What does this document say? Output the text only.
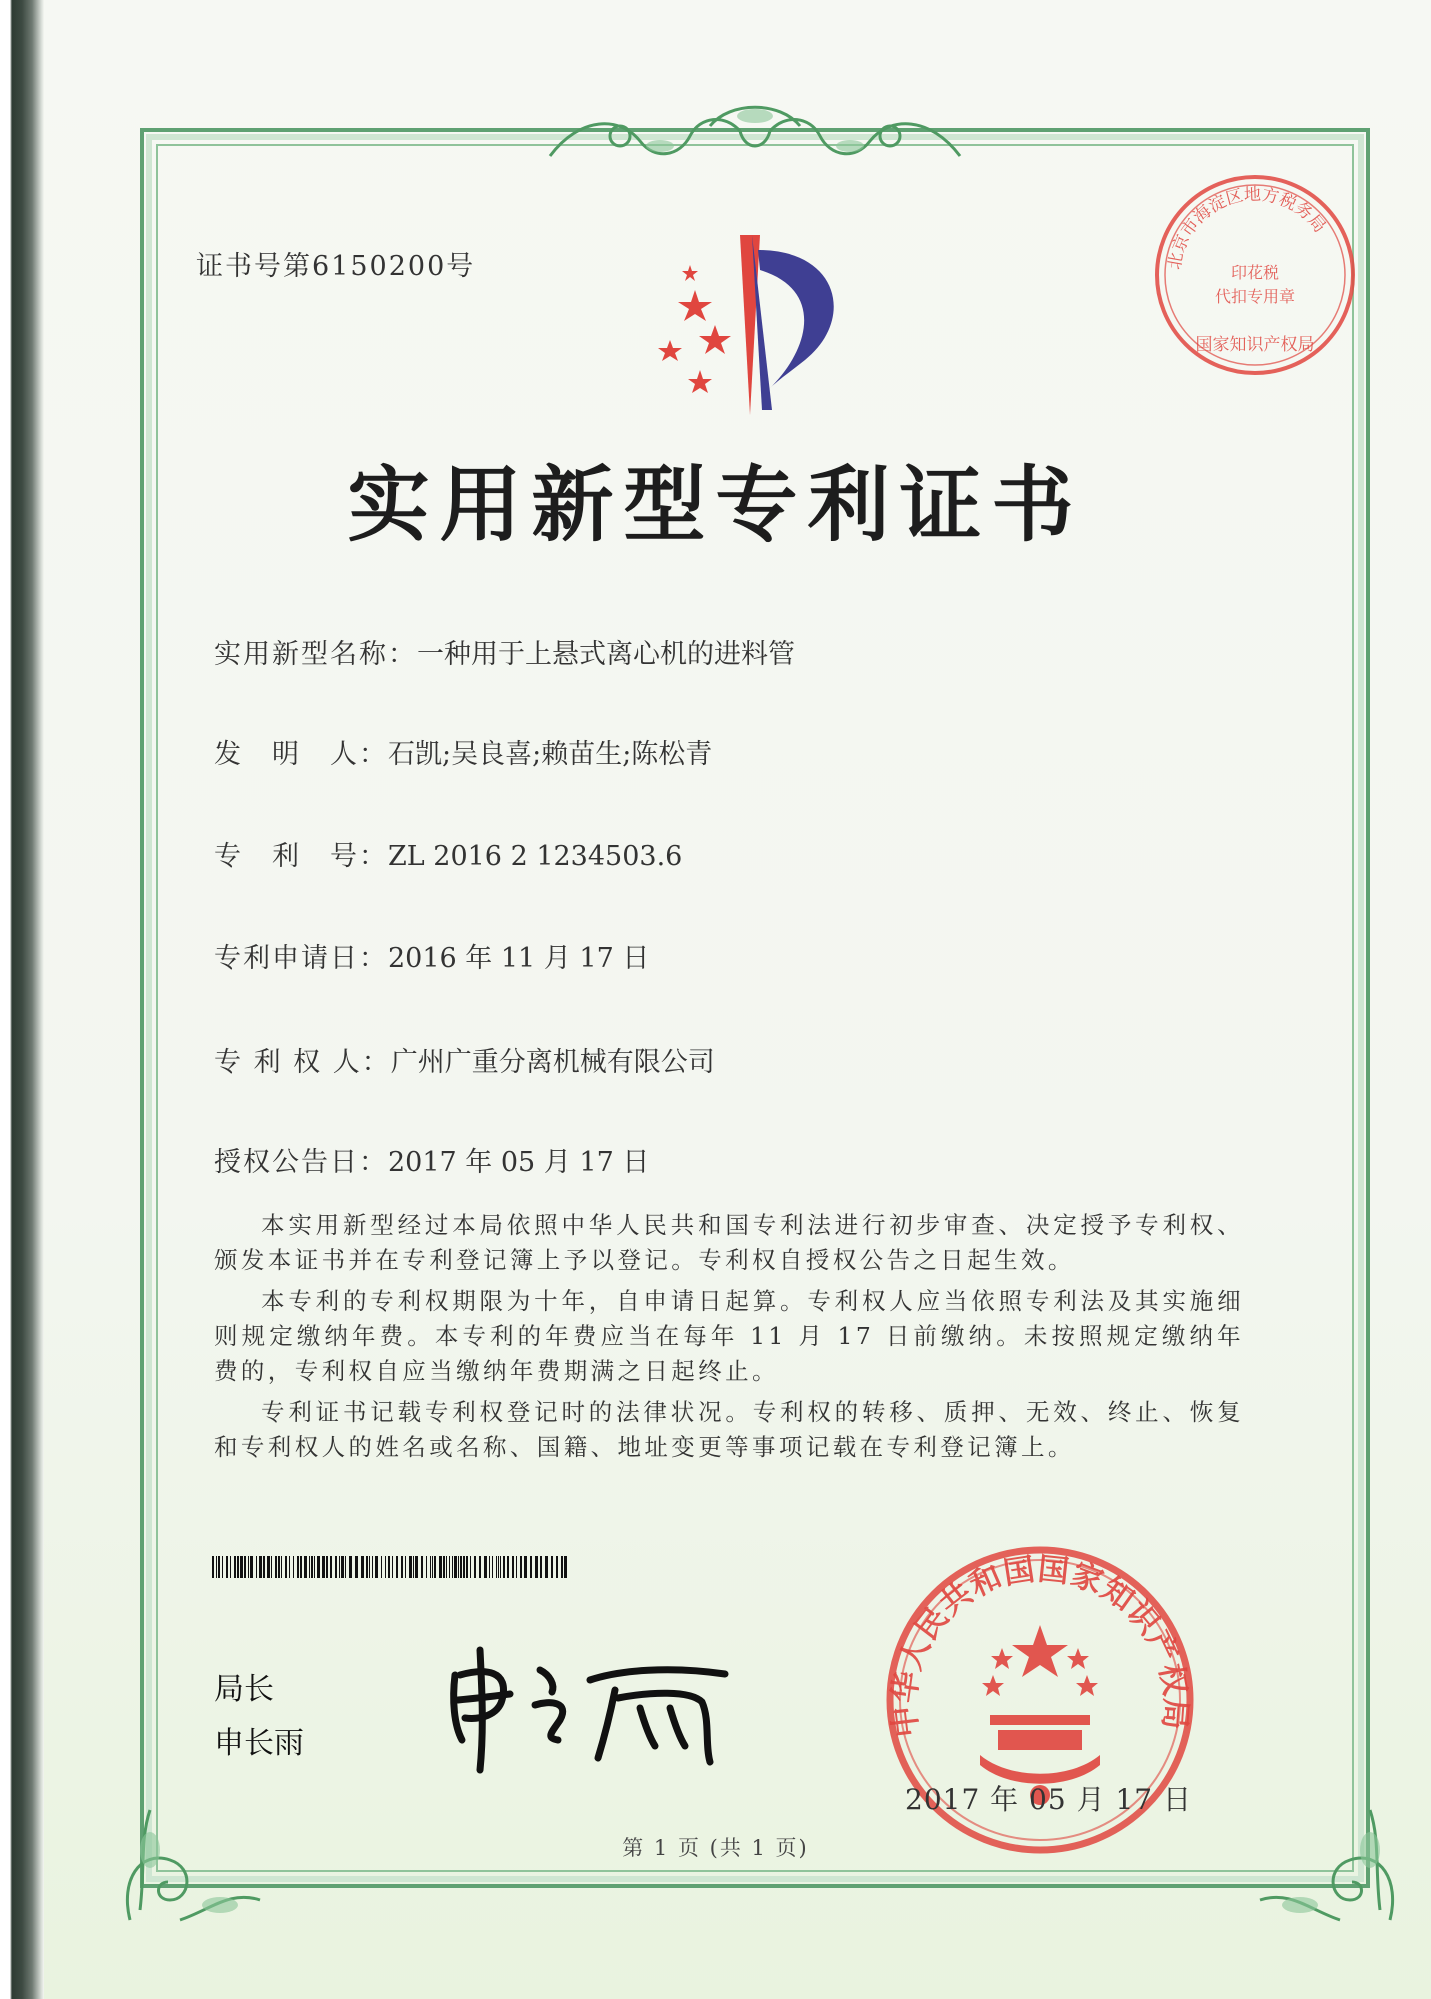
证书号第6150200号	北京市海淀区地方税务局
印花税
代扣专用章
国家知识产权局
实用新型专利证书
实用新型名称：一种用于上悬式离心机的进料管
发　明　人：石凯;吴良喜;赖苗生;陈松青
专　利　号：ZL 2016 2 1234503.6
专利申请日：2016 年 11 月 17 日
专 利 权 人：广州广重分离机械有限公司
授权公告日：2017 年 05 月 17 日

本实用新型经过本局依照中华人民共和国专利法进行初步审查、决定授予专利权、颁发本证书并在专利登记簿上予以登记。专利权自授权公告之日起生效。

本专利的专利权期限为十年，自申请日起算。专利权人应当依照专利法及其实施细则规定缴纳年费。本专利的年费应当在每年 11 月 17 日前缴纳。未按照规定缴纳年费的，专利权自应当缴纳年费期满之日起终止。

专利证书记载专利权登记时的法律状况。专利权的转移、质押、无效、终止、恢复和专利权人的姓名或名称、国籍、地址变更等事项记载在专利登记簿上。

局长
申长雨
中华人民共和国国家知识产权局
2017 年 05 月 17 日
第 1 页 (共 1 页)
